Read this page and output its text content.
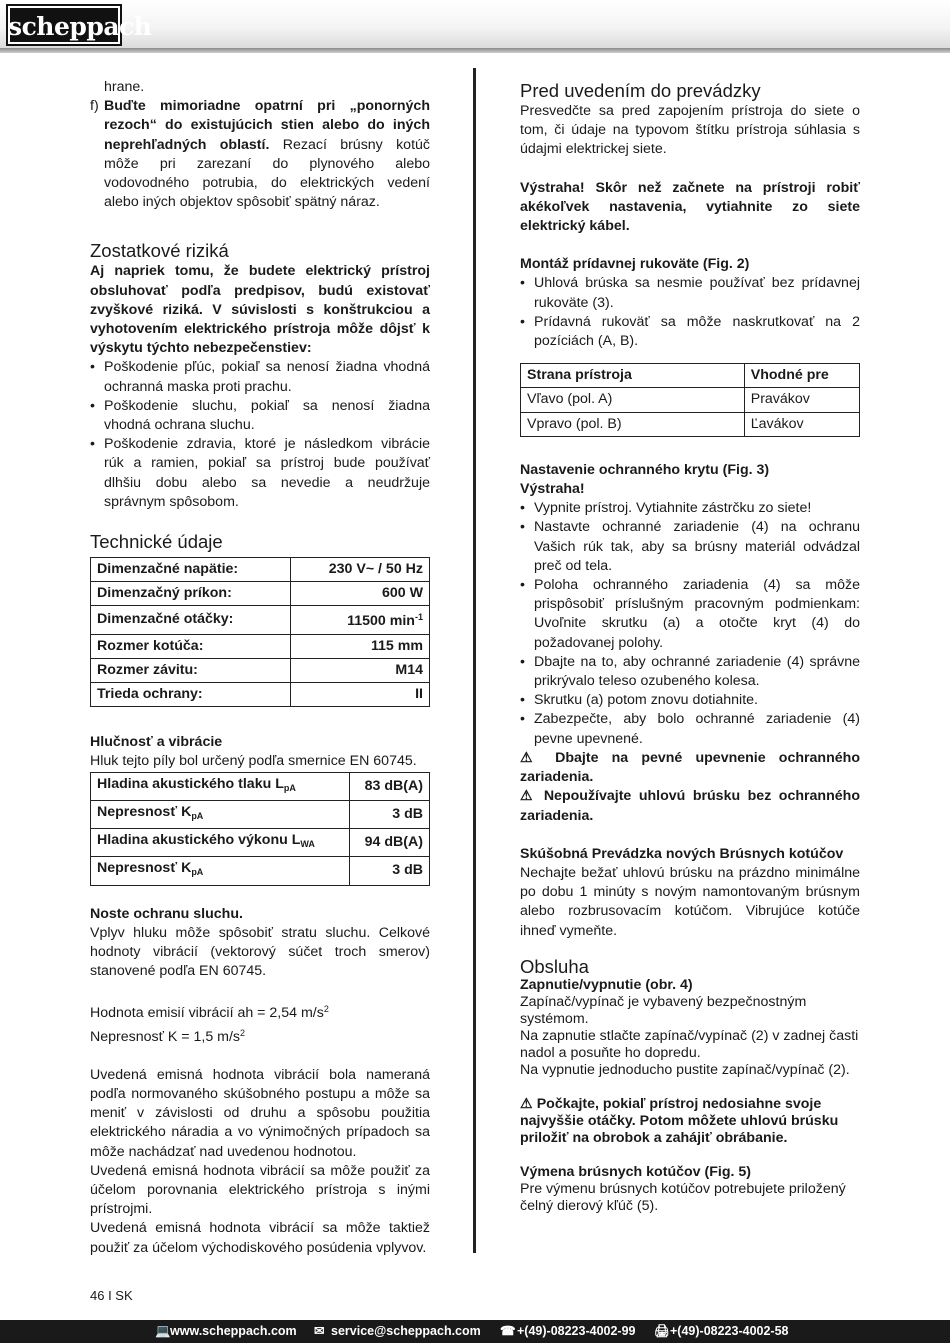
scheppach

hrane.

f) Buďte mimoriadne opatrní pri „ponorných rezoch“ do existujúcich stien alebo do iných neprehľadných oblastí. Rezací brúsny kotúč môže pri zarezaní do plynového alebo vodovodného potrubia, do elektrických vedení alebo iných objektov spôsobiť spätný náraz.

Zostatkové riziká

Aj napriek tomu, že budete elektrický prístroj obsluhovať podľa predpisov, budú existovať zvyškové riziká. V súvislosti s konštrukciou a vyhotovením elektrického prístroja môže dôjsť k výskytu týchto nebezpečenstiev:

• Poškodenie pľúc, pokiaľ sa nenosí žiadna vhodná ochranná maska proti prachu.
• Poškodenie sluchu, pokiaľ sa nenosí žiadna vhodná ochrana sluchu.
• Poškodenie zdravia, ktoré je následkom vibrácie rúk a ramien, pokiaľ sa prístroj bude používať dlhšiu dobu alebo sa nevedie a neudržuje správnym spôsobom.

Technické údaje

Dimenzačné napätie:	230 V~ / 50 Hz
Dimenzačný príkon:	600 W
Dimenzačné otáčky:	11500 $\min^{-1}$
Rozmer kotúča:	115 mm
Rozmer závitu:	M14
Trieda ochrany:	II

Hlučnosť a vibrácie

Hluk tejto píly bol určený podľa smernice EN 60745.

Hladina akustického tlaku $L_{pA}$	83 dB(A)
Nepresnosť $K_{pA}$	3 dB
Hladina akustického výkonu $L_{WA}$	94 dB(A)
Nepresnosť $K_{pA}$	3 dB

Noste ochranu sluchu.

Vplyv hluku môže spôsobiť stratu sluchu. Celkové hodnoty vibrácií (vektorový súčet troch smerov) stanovené podľa EN 60745.

Hodnota emisií vibrácií ah = 2,54 $m/s^2$

Nepresnosť K = 1,5 $m/s^2$

Uvedená emisná hodnota vibrácií bola nameraná podľa normovaného skúšobného postupu a môže sa meniť v závislosti od druhu a spôsobu použitia elektrického náradia a vo výnimočných prípadoch sa môže nachádzať nad uvedenou hodnotou.

Uvedená emisná hodnota vibrácií sa môže použiť za účelom porovnania elektrického prístroja s inými prístrojmi.

Uvedená emisná hodnota vibrácií sa môže taktiež použiť za účelom východiskového posúdenia vplyvov.

Pred uvedením do prevádzky

Presvedčte sa pred zapojením prístroja do siete o tom, či údaje na typovom štítku prístroja súhlasia s údajmi elektrickej siete.

Výstraha! Skôr než začnete na prístroji robiť akékoľvek nastavenia, vytiahnite zo siete elektrický kábel.

Montáž prídavnej rukoväte (Fig. 2)

• Uhlová brúska sa nesmie používať bez prídavnej rukoväte (3).
• Prídavná rukoväť sa môže naskrutkovať na 2 pozíciách (A, B).
Strana prístroja	Vhodné pre
Vľavo (pol. A)	Pravákov
Vpravo (pol. B)	Ľavákov

Nastavenie ochranného krytu (Fig. 3)

Výstraha!

• Vypnite prístroj. Vytiahnite zástrčku zo siete!
• Nastavte ochranné zariadenie (4) na ochranu Vašich rúk tak, aby sa brúsny materiál odvádzal preč od tela.
• Poloha ochranného zariadenia (4) sa môže prispôsobiť príslušným pracovným podmienkam: Uvoľnite skrutku (a) a otočte kryt (4) do požadovanej polohy.
• Dbajte na to, aby ochranné zariadenie (4) správne prikrývalo teleso ozubeného kolesa.
• Skrutku (a) potom znovu dotiahnite.
• Zabezpečte, aby bolo ochranné zariadenie (4) pevne upevnené.

⚠ Dbajte na pevné upevnenie ochranného zariadenia.

⚠ Nepoužívajte uhlovú brúsku bez ochranného zariadenia.

Skúšobná Prevádzka nových Brúsnych kotúčov

Nechajte bežať uhlovú brúsku na prázdno minimálne po dobu 1 minúty s novým namontovaným brúsnym alebo rozbrusovacím kotúčom. Vibrujúce kotúče ihneď vymeňte.

Obsluha

Zapnutie/vypnutie (obr. 4)

Zapínač/vypínač je vybavený bezpečnostným systémom.

Na zapnutie stlačte zapínač/vypínač (2) v zadnej časti nadol a posuňte ho dopredu.

Na vypnutie jednoducho pustite zapínač/vypínač (2).

⚠ Počkajte, pokiaľ prístroj nedosiahne svoje najvyššie otáčky. Potom môžete uhlovú brúsku priložiť na obrobok a zahájiť obrábanie.

Výmena brúsnych kotúčov (Fig. 5)

Pre výmenu brúsnych kotúčov potrebujete priložený čelný dierový kľúč (5).

46 I SK
💻 www.scheppach.com ✉ service@scheppach.com ☎ +(49)-08223-4002-99 🖨 +(49)-08223-4002-58
